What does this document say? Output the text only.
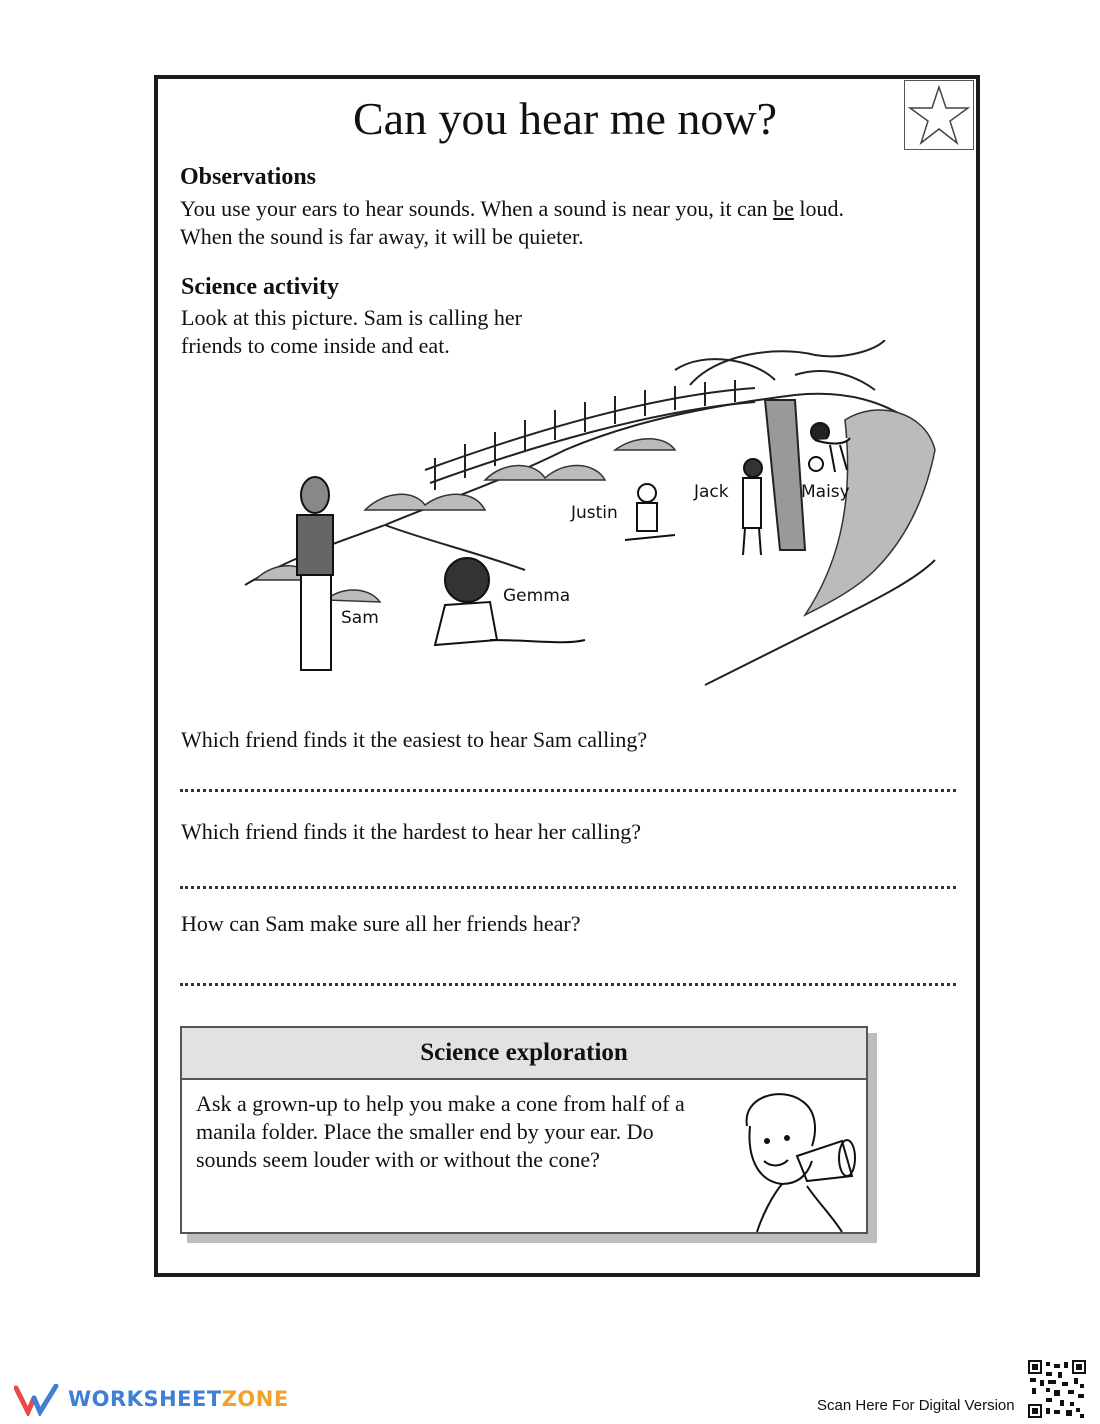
Can you hear me now?
Observations
You use your ears to hear sounds. When a sound is near you, it can be loud.
When the sound is far away, it will be quieter.
Science activity
Look at this picture. Sam is calling her
friends to come inside and eat.
Sam
Gemma
Justin
Jack	Maisy
Which friend finds it the easiest to hear Sam calling?
Which friend finds it the hardest to hear her calling?
How can Sam make sure all her friends hear?
Science exploration
Ask a grown-up to help you make a cone from half of a manila folder. Place the smaller end by your ear. Do sounds seem louder with or without the cone?
WORKSHEETZONE	Scan Here For Digital Version
